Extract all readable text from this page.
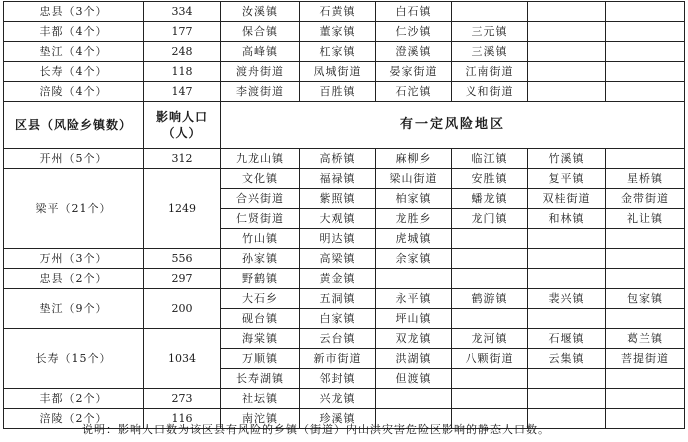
忠县（3个）	334	汝溪镇	石黄镇	白石镇			
丰都（4个）	177	保合镇	董家镇	仁沙镇	三元镇		
垫江（4个）	248	高峰镇	杠家镇	澄溪镇	三溪镇		
长寿（4个）	118	渡舟街道	凤城街道	晏家街道	江南街道		
涪陵（4个）	147	李渡街道	百胜镇	石沱镇	义和街道		
区县（风险乡镇数）	影响人口（人）	有一定风险地区					
开州（5个）	312	九龙山镇	高桥镇	麻柳乡	临江镇	竹溪镇	
梁平（21个）	1249	文化镇	福禄镇	梁山街道	安胜镇	复平镇	星桥镇
		合兴街道	紫照镇	柏家镇	蟠龙镇	双桂街道	金带街道
		仁贤街道	大观镇	龙胜乡	龙门镇	和林镇	礼让镇
		竹山镇	明达镇	虎城镇			
万州（3个）	556	孙家镇	高梁镇	余家镇			
忠县（2个）	297	野鹤镇	黄金镇				
垫江（9个）	200	大石乡	五洞镇	永平镇	鹤游镇	裴兴镇	包家镇
		砚台镇	白家镇	坪山镇			
长寿（15个）	1034	海棠镇	云台镇	双龙镇	龙河镇	石堰镇	葛兰镇
		万顺镇	新市街道	洪湖镇	八颗街道	云集镇	菩提街道
		长寿湖镇	邻封镇	但渡镇			
丰都（2个）	273	社坛镇	兴龙镇				
涪陵（2个）	116	南沱镇	珍溪镇				
说明：影响人口数为该区县有风险的乡镇（街道）内山洪灾害危险区影响的静态人口数。
